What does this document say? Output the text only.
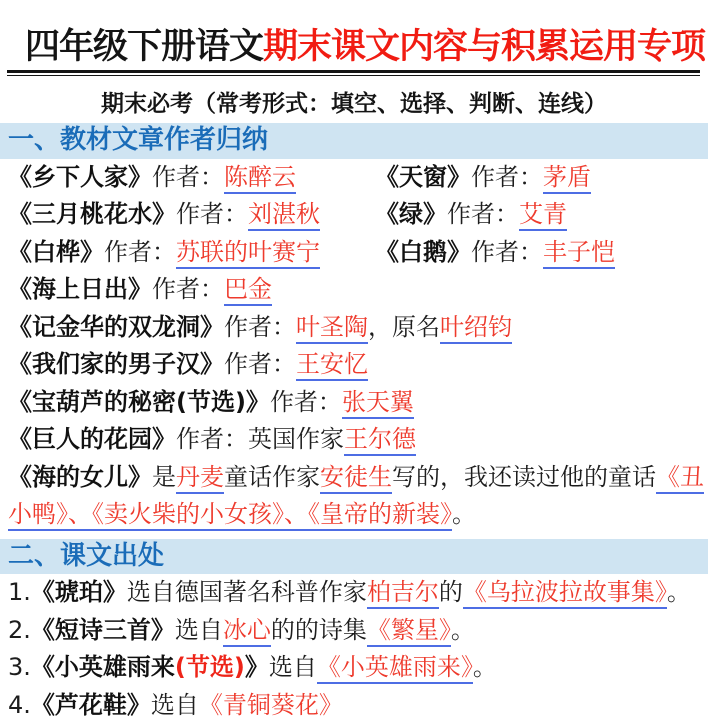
四年级下册语文期末课文内容与积累运用专项
期末必考（常考形式：填空、选择、判断、连线）
一、教材文章作者归纳
《乡下人家》作者：陈醉云	《天窗》作者：茅盾
《三月桃花水》作者：刘湛秋	《绿》作者：艾青
《白桦》作者：苏联的叶赛宁	《白鹅》作者：丰子恺
《海上日出》作者：巴金
《记金华的双龙洞》作者：叶圣陶，原名叶绍钧
《我们家的男子汉》作者：王安忆
《宝葫芦的秘密(节选)》作者：张天翼
《巨人的花园》作者：英国作家王尔德
《海的女儿》是丹麦童话作家安徒生写的，我还读过他的童话《丑小鸭》、《卖火柴的小女孩》、《皇帝的新装》。
二、课文出处
1.《琥珀》选自德国著名科普作家柏吉尔的《乌拉波拉故事集》。
2.《短诗三首》选自冰心的的诗集《繁星》。
3.《小英雄雨来(节选)》选自《小英雄雨来》。
4.《芦花鞋》选自《青铜葵花》
